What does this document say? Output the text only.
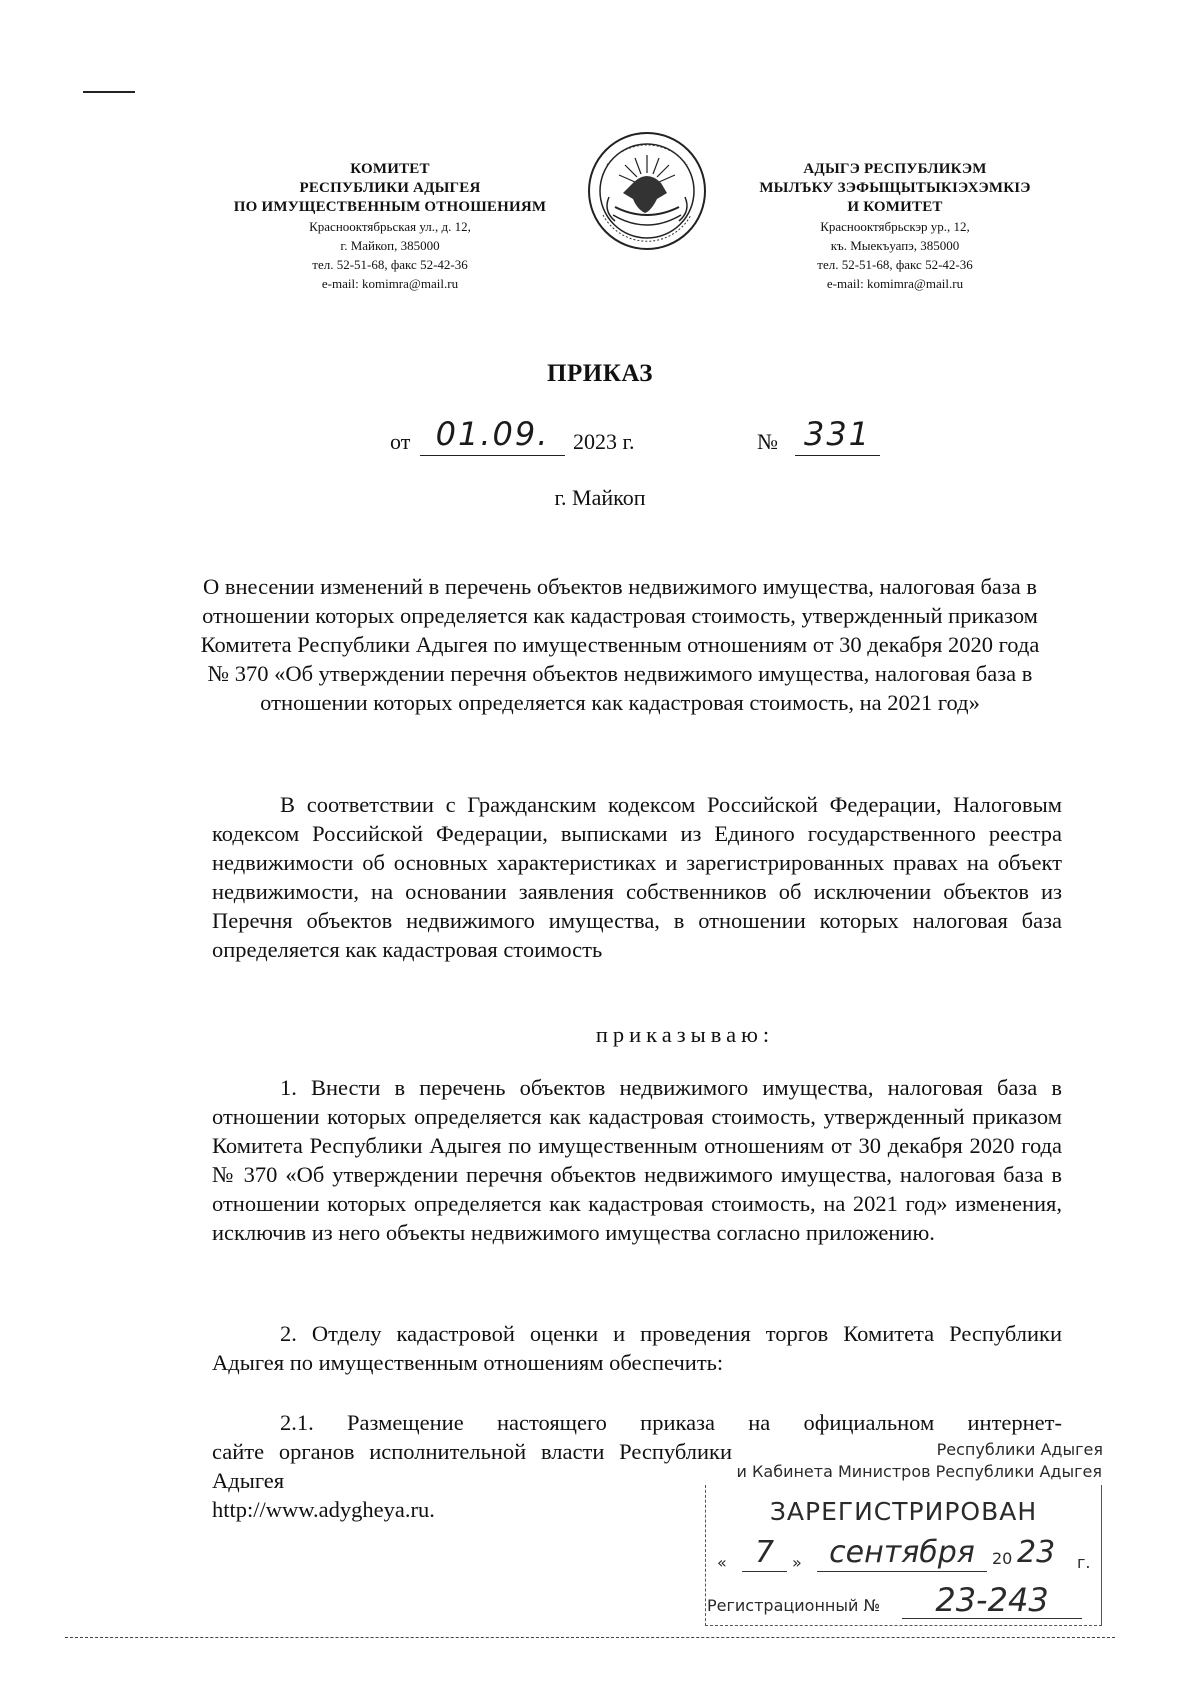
КОМИТЕТ
РЕСПУБЛИКИ АДЫГЕЯ
ПО ИМУЩЕСТВЕННЫМ ОТНОШЕНИЯМ
Краснооктябрьская ул., д. 12,
г. Майкоп, 385000
тел. 52-51-68, факс 52-42-36
e-mail: komimra@mail.ru
АДЫГЭ РЕСПУБЛИКЭМ
МЫЛЪКУ ЗЭФЫЩЫТЫКIЭХЭМКIЭ
И КОМИТЕТ
Краснооктябрьскэр ур., 12,
къ. Мыекъуапэ, 385000
тел. 52-51-68, факс 52-42-36
e-mail: komimra@mail.ru
ПРИКАЗ
от 01.09.	2023 г.	№ 331
г. Майкоп
О внесении изменений в перечень объектов недвижимого имущества, налоговая база в отношении которых определяется как кадастровая стоимость, утвержденный приказом Комитета Республики Адыгея по имущественным отношениям от 30 декабря 2020 года № 370 «Об утверждении перечня объектов недвижимого имущества, налоговая база в отношении которых определяется как кадастровая стоимость, на 2021 год»
В соответствии с Гражданским кодексом Российской Федерации, Налоговым кодексом Российской Федерации, выписками из Единого государственного реестра недвижимости об основных характеристиках и зарегистрированных правах на объект недвижимости, на основании заявления собственников об исключении объектов из Перечня объектов недвижимого имущества, в отношении которых налоговая база определяется как кадастровая стоимость
приказываю:
1. Внести в перечень объектов недвижимого имущества, налоговая база в отношении которых определяется как кадастровая стоимость, утвержденный приказом Комитета Республики Адыгея по имущественным отношениям от 30 декабря 2020 года № 370 «Об утверждении перечня объектов недвижимого имущества, налоговая база в отношении которых определяется как кадастровая стоимость, на 2021 год» изменения, исключив из него объекты недвижимого имущества согласно приложению.
2. Отделу кадастровой оценки и проведения торгов Комитета Республики Адыгея по имущественным отношениям обеспечить:
2.1. Размещение настоящего приказа на официальном интернет-
сайте органов исполнительной власти Республики Адыгея
http://www.adygheya.ru.
Республики Адыгея
и Кабинета Министров Республики Адыгея
ЗАРЕГИСТРИРОВАН
« 7	» сентября	20 23 г.
Регистрационный №	23-243
